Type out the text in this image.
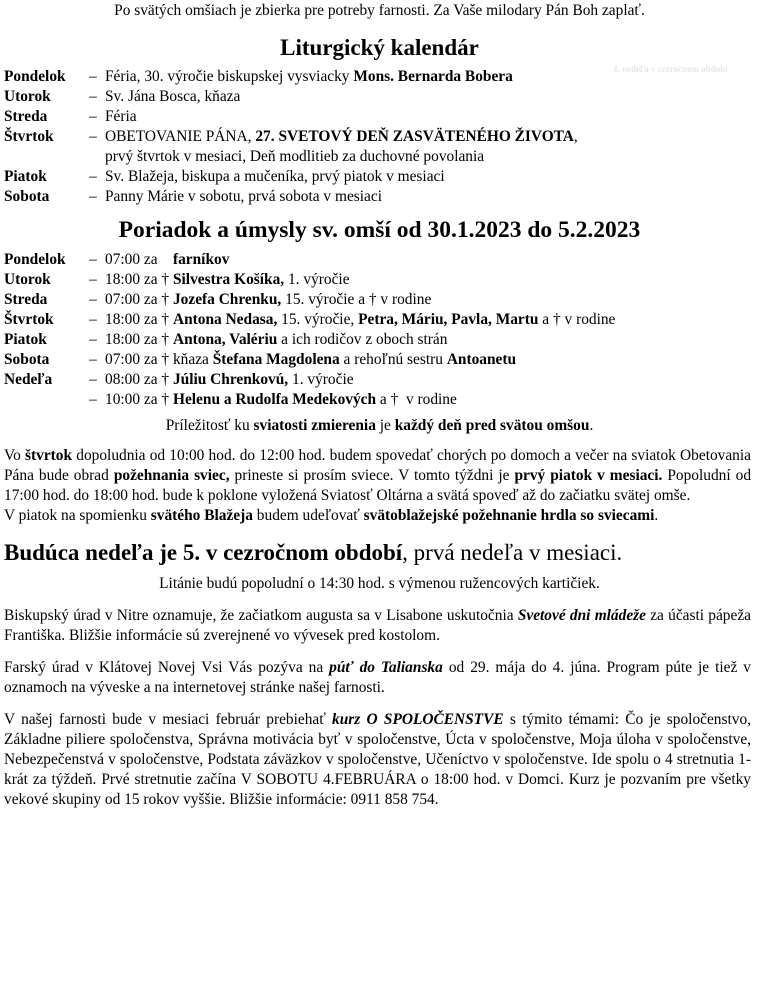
Po svätých omšiach je zbierka pre potreby farnosti. Za Vaše milodary Pán Boh zaplať.

4. nedeľa v cezročnom období
Liturgický kalendár
Pondelok	– Féria, 30. výročie biskupskej vysviacky Mons. Bernarda Bobera
Utorok	– Sv. Jána Bosca, kňaza
Streda	– Féria
Štvrtok	– OBETOVANIE PÁNA, 27. SVETOVÝ DEŇ ZASVÄTENÉHO ŽIVOTA,
prvý štvrtok v mesiaci, Deň modlitieb za duchovné povolania
Piatok	– Sv. Blažeja, biskupa a mučeníka, prvý piatok v mesiaci
Sobota	– Panny Márie v sobotu, prvá sobota v mesiaci
Poriadok a úmysly sv. omší od 30.1.2023 do 5.2.2023
Pondelok	– 07:00 za    farníkov
Utorok	– 18:00 za † Silvestra Košíka, 1. výročie
Streda	– 07:00 za † Jozefa Chrenku, 15. výročie a † v rodine
Štvrtok	– 18:00 za † Antona Nedasa, 15. výročie, Petra, Máriu, Pavla, Martu a † v rodine
Piatok	– 18:00 za † Antona, Valériu a ich rodičov z oboch strán
Sobota	– 07:00 za † kňaza Štefana Magdolena a rehoľnú sestru Antoanetu
Nedeľa	– 08:00 za † Júliu Chrenkovú, 1. výročie
– 10:00 za † Helenu a Rudolfa Medekových a †  v rodine
Príležitosť ku sviatosti zmierenia je každý deň pred svätou omšou.

Vo štvrtok dopoludnia od 10:00 hod. do 12:00 hod. budem spovedať chorých po domoch a večer na sviatok Obetovania Pána bude obrad požehnania sviec, prineste si prosím sviece. V tomto týždni je prvý piatok v mesiaci. Popoludní od 17:00 hod. do 18:00 hod. bude k poklone vyložená Sviatosť Oltárna a svätá spoveď až do začiatku svätej omše.
V piatok na spomienku svätého Blažeja budem udeľovať svätoblažejské požehnanie hrdla so sviecami.

Budúca nedeľa je 5. v cezročnom období, prvá nedeľa v mesiaci.
Litánie budú popoludní o 14:30 hod. s výmenou ružencových kartičiek.

Biskupský úrad v Nitre oznamuje, že začiatkom augusta sa v Lisabone uskutočnia Svetové dni mládeže za účasti pápeža Františka. Bližšie informácie sú zverejnené vo vývesek pred kostolom.

Farský úrad v Klátovej Novej Vsi Vás pozýva na púť do Talianska od 29. mája do 4. júna. Program púte je tiež v oznamoch na výveske a na internetovej stránke našej farnosti.

V našej farnosti bude v mesiaci február prebiehať kurz O SPOLOČENSTVE s týmito témami: Čo je spoločenstvo, Základne piliere spoločenstva, Správna motivácia byť v spoločenstve, Úcta v spoločenstve, Moja úloha v spoločenstve, Nebezpečenstvá v spoločenstve, Podstata záväzkov v spoločenstve, Učeníctvo v spoločenstve. Ide spolu o 4 stretnutia 1-krát za týždeň. Prvé stretnutie začína V SOBOTU 4.FEBRUÁRA o 18:00 hod. v Domci. Kurz je pozvaním pre všetky vekové skupiny od 15 rokov vyššie. Bližšie informácie: 0911 858 754.
